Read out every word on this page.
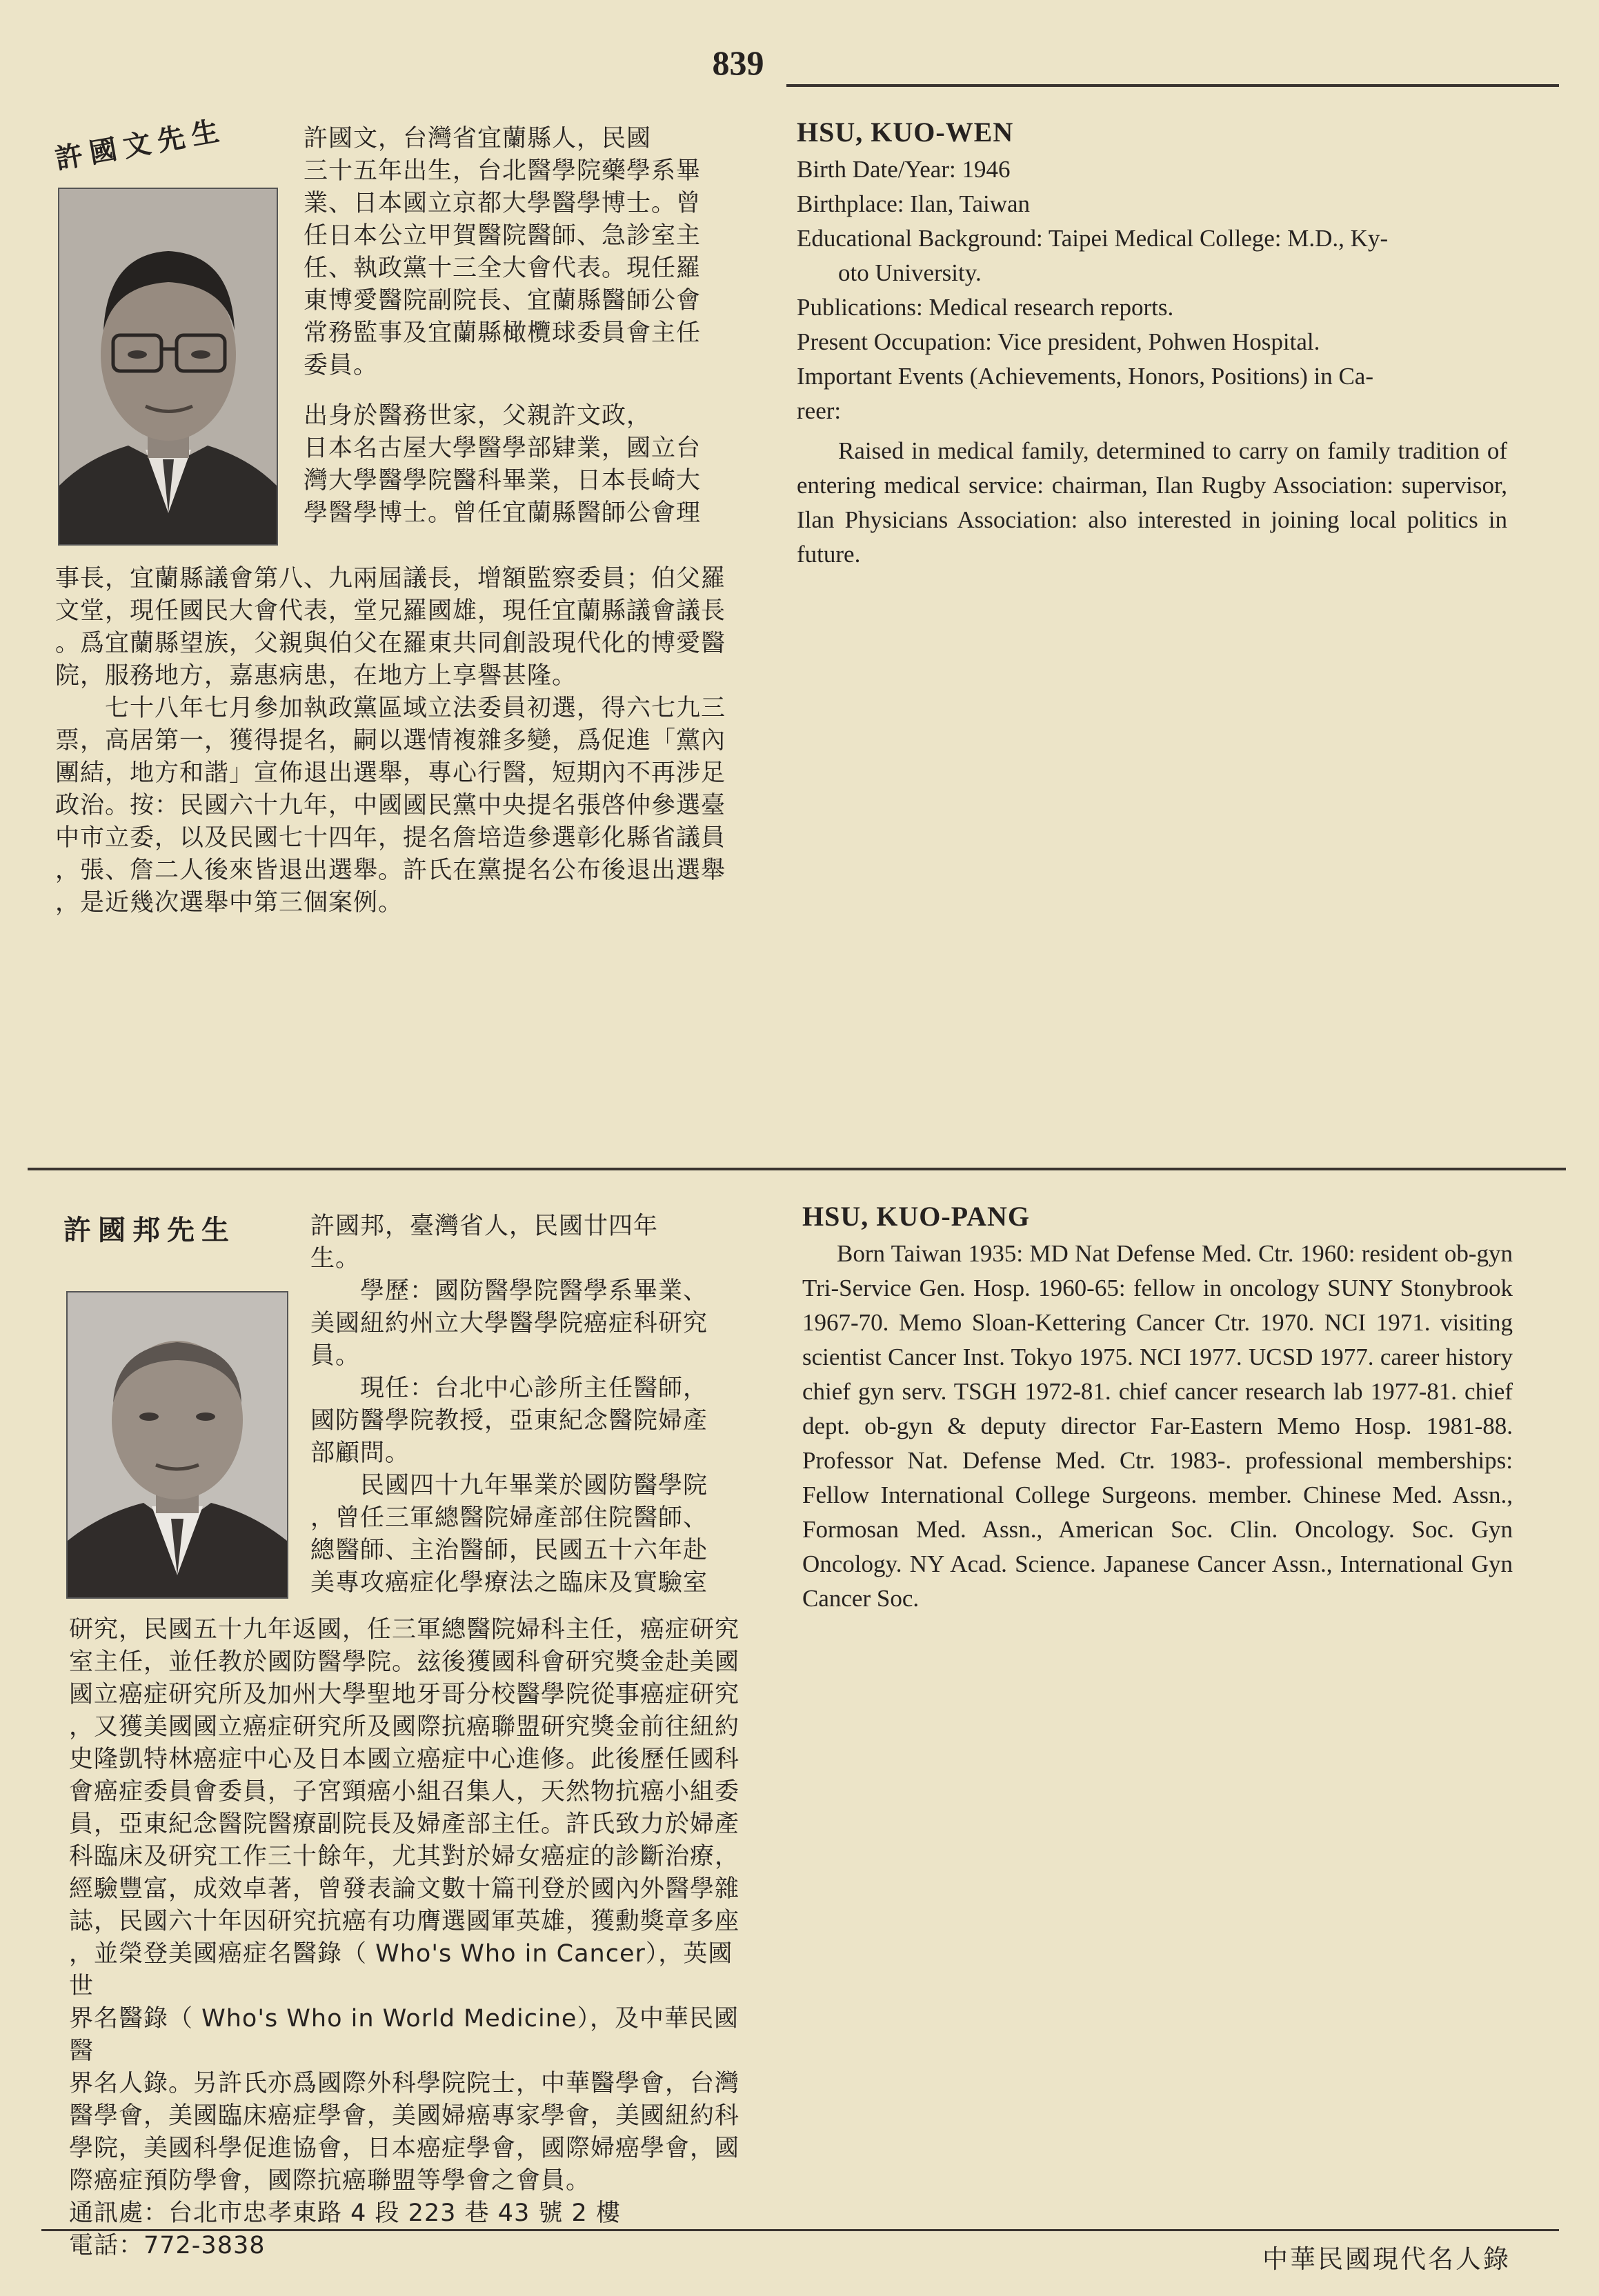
839
許國文先生	許國文，台灣省宜蘭縣人，民國
三十五年出生，台北醫學院藥學系畢
業、日本國立京都大學醫學博士。曾
任日本公立甲賀醫院醫師、急診室主
任、執政黨十三全大會代表。現任羅
東博愛醫院副院長、宜蘭縣醫師公會
常務監事及宜蘭縣橄欖球委員會主任
委員。
出身於醫務世家，父親許文政，
日本名古屋大學醫學部肄業，國立台
灣大學醫學院醫科畢業，日本長崎大
學醫學博士。曾任宜蘭縣醫師公會理
事長，宜蘭縣議會第八、九兩屆議長，增額監察委員；伯父羅
文堂，現任國民大會代表，堂兄羅國雄，現任宜蘭縣議會議長
。爲宜蘭縣望族，父親與伯父在羅東共同創設現代化的博愛醫
院，服務地方，嘉惠病患，在地方上享譽甚隆。
　　七十八年七月參加執政黨區域立法委員初選，得六七九三
票，高居第一，獲得提名，嗣以選情複雜多變，爲促進「黨內
團結，地方和諧」宣佈退出選舉，專心行醫，短期內不再涉足
政治。按：民國六十九年，中國國民黨中央提名張啓仲參選臺
中市立委，以及民國七十四年，提名詹培造參選彰化縣省議員
，張、詹二人後來皆退出選舉。許氏在黨提名公布後退出選舉
，是近幾次選舉中第三個案例。

HSU, KUO-WEN

Birth Date/Year: 1946

Birthplace: Ilan, Taiwan

Educational Background: Taipei Medical College: M.D., Ky-

oto University.

Publications: Medical research reports.

Present Occupation: Vice president, Pohwen Hospital.

Important Events (Achievements, Honors, Positions) in Ca-

reer:

Raised in medical family, determined to carry on family tradition of entering medical service: chairman, Ilan Rugby Association: supervisor, Ilan Physicians Association: also interested in joining local politics in future.

許國邦先生	許國邦，臺灣省人，民國廿四年
生。
　　學歷：國防醫學院醫學系畢業、
美國紐約州立大學醫學院癌症科研究
員。
　　現任：台北中心診所主任醫師，
國防醫學院教授，亞東紀念醫院婦產
部顧問。
　　民國四十九年畢業於國防醫學院
，曾任三軍總醫院婦產部住院醫師、
總醫師、主治醫師，民國五十六年赴
美專攻癌症化學療法之臨床及實驗室
研究，民國五十九年返國，任三軍總醫院婦科主任，癌症研究
室主任，並任教於國防醫學院。玆後獲國科會研究獎金赴美國
國立癌症研究所及加州大學聖地牙哥分校醫學院從事癌症研究
，又獲美國國立癌症研究所及國際抗癌聯盟研究獎金前往紐約
史隆凱特林癌症中心及日本國立癌症中心進修。此後歷任國科
會癌症委員會委員，子宮頸癌小組召集人，天然物抗癌小組委
員，亞東紀念醫院醫療副院長及婦產部主任。許氏致力於婦產
科臨床及研究工作三十餘年，尤其對於婦女癌症的診斷治療，
經驗豐富，成效卓著，曾發表論文數十篇刊登於國內外醫學雜
誌，民國六十年因研究抗癌有功膺選國軍英雄，獲勳獎章多座
，並榮登美國癌症名醫錄（ Who's Who in Cancer），英國世
界名醫錄（ Who's Who in World Medicine），及中華民國醫
界名人錄。另許氏亦爲國際外科學院院士，中華醫學會，台灣
醫學會，美國臨床癌症學會，美國婦癌專家學會，美國紐約科
學院，美國科學促進協會，日本癌症學會，國際婦癌學會，國
際癌症預防學會，國際抗癌聯盟等學會之會員。
通訊處：台北市忠孝東路 4 段 223 巷 43 號 2 樓
電話：772-3838

HSU, KUO-PANG

Born Taiwan 1935: MD Nat Defense Med. Ctr. 1960: resident ob-gyn Tri-Service Gen. Hosp. 1960-65: fellow in oncology SUNY Stonybrook 1967-70. Memo Sloan-Kettering Cancer Ctr. 1970. NCI 1971. visiting scientist Cancer Inst. Tokyo 1975. NCI 1977. UCSD 1977. career history chief gyn serv. TSGH 1972-81. chief cancer research lab 1977-81. chief dept. ob-gyn & deputy director Far-Eastern Memo Hosp. 1981-88. Professor Nat. Defense Med. Ctr. 1983-. professional memberships: Fellow International College Surgeons. member. Chinese Med. Assn., Formosan Med. Assn., American Soc. Clin. Oncology. Soc. Gyn Oncology. NY Acad. Science. Japanese Cancer Assn., International Gyn Cancer Soc.

中華民國現代名人錄
